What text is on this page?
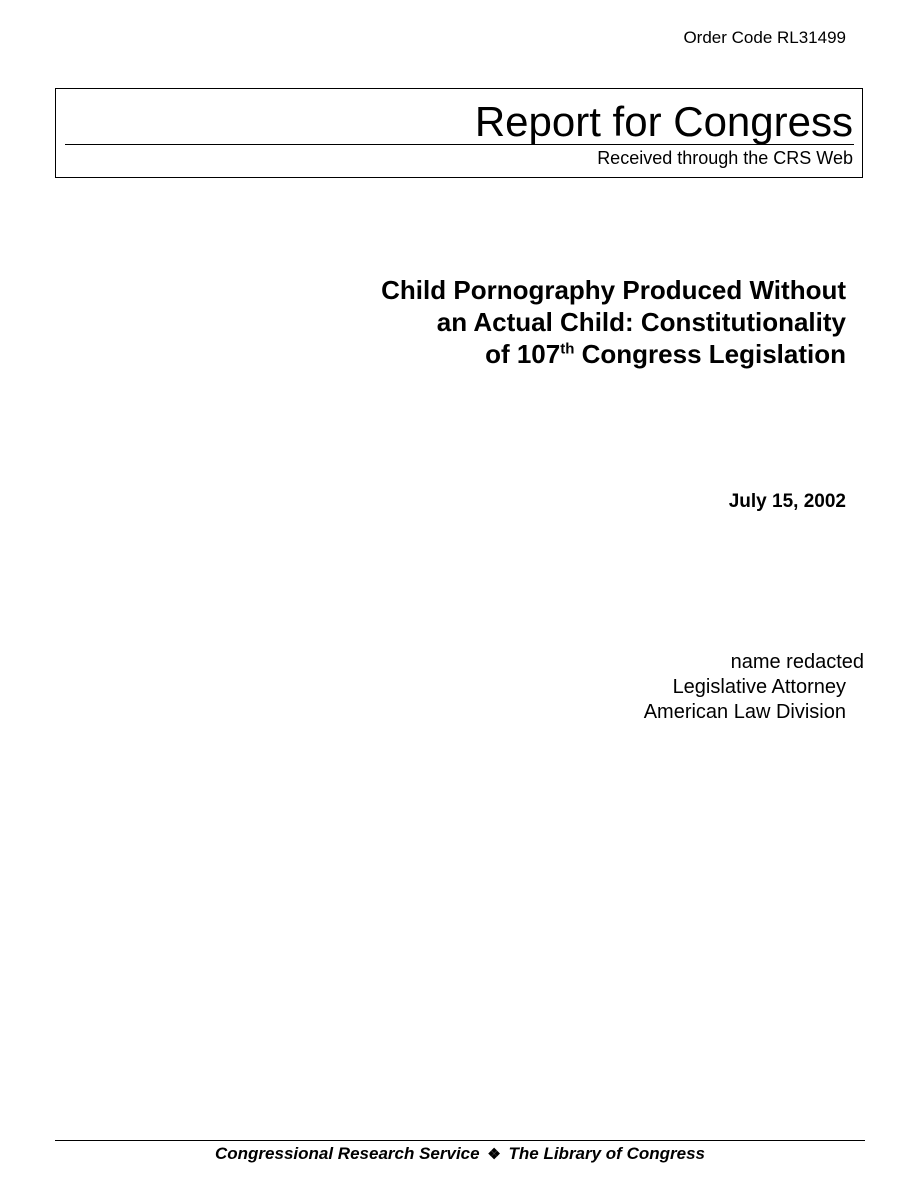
Order Code RL31499
Report for Congress
Received through the CRS Web
Child Pornography Produced Without
an Actual Child: Constitutionality
of 107th Congress Legislation
July 15, 2002
name redacted
Legislative Attorney
American Law Division
Congressional Research Service ❖ The Library of Congress
